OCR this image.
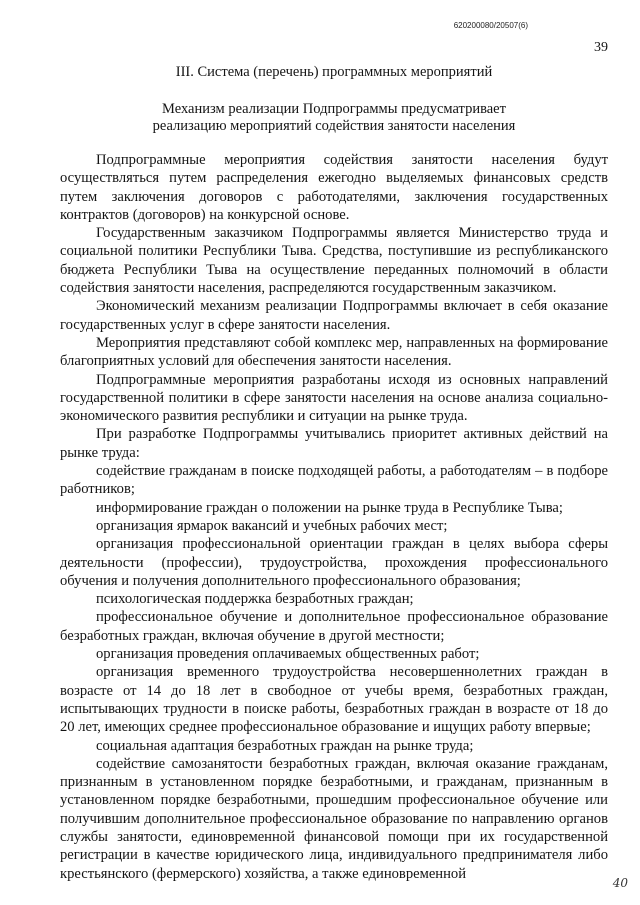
620200080/20507(6)
39
III. Система (перечень) программных мероприятий
Механизм реализации Подпрограммы предусматривает
реализацию мероприятий содействия занятости населения

Подпрограммные мероприятия содействия занятости населения будут осуществляться путем распределения ежегодно выделяемых финансовых средств путем заключения договоров с работодателями, заключения государственных контрактов (договоров) на конкурсной основе.

Государственным заказчиком Подпрограммы является Министерство труда и социальной политики Республики Тыва. Средства, поступившие из республиканского бюджета Республики Тыва на осуществление переданных полномочий в области содействия занятости населения, распределяются государственным заказчиком.

Экономический механизм реализации Подпрограммы включает в себя оказание государственных услуг в сфере занятости населения.

Мероприятия представляют собой комплекс мер, направленных на формирование благоприятных условий для обеспечения занятости населения.

Подпрограммные мероприятия разработаны исходя из основных направлений государственной политики в сфере занятости населения на основе анализа социально-экономического развития республики и ситуации на рынке труда.

При разработке Подпрограммы учитывались приоритет активных действий на рынке труда:

содействие гражданам в поиске подходящей работы, а работодателям – в подборе работников;

информирование граждан о положении на рынке труда в Республике Тыва;

организация ярмарок вакансий и учебных рабочих мест;

организация профессиональной ориентации граждан в целях выбора сферы деятельности (профессии), трудоустройства, прохождения профессионального обучения и получения дополнительного профессионального образования;

психологическая поддержка безработных граждан;

профессиональное обучение и дополнительное профессиональное образование безработных граждан, включая обучение в другой местности;

организация проведения оплачиваемых общественных работ;

организация временного трудоустройства несовершеннолетних граждан в возрасте от 14 до 18 лет в свободное от учебы время, безработных граждан, испытывающих трудности в поиске работы, безработных граждан в возрасте от 18 до 20 лет, имеющих среднее профессиональное образование и ищущих работу впервые;

социальная адаптация безработных граждан на рынке труда;

содействие самозанятости безработных граждан, включая оказание гражданам, признанным в установленном порядке безработными, и гражданам, признанным в установленном порядке безработными, прошедшим профессиональное обучение или получившим дополнительное профессиональное образование по направлению органов службы занятости, единовременной финансовой помощи при их государственной регистрации в качестве юридического лица, индивидуального предпринимателя либо крестьянского (фермерского) хозяйства, а также единовременной

40
